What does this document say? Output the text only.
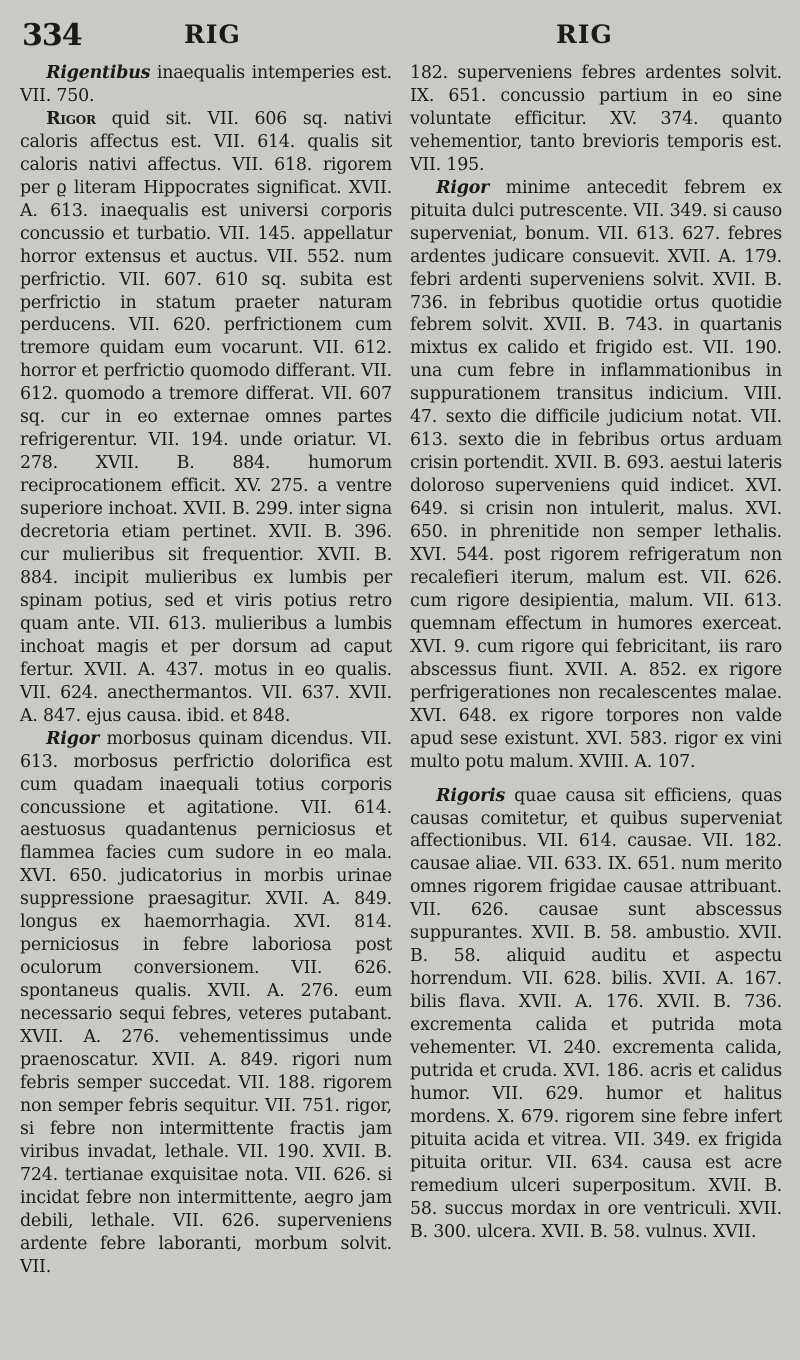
334	RIG	RIG

Rigentibus inaequalis intemperies est. VII. 750.

Rigor quid sit. VII. 606 sq. nativi caloris affectus est. VII. 614. qualis sit caloris nativi affectus. VII. 618. rigorem per ϱ literam Hippocrates significat. XVII. A. 613. inaequalis est universi corporis concussio et turbatio. VII. 145. appellatur horror extensus et auctus. VII. 552. num perfrictio. VII. 607. 610 sq. subita est perfrictio in statum praeter naturam perducens. VII. 620. perfrictionem cum tremore quidam eum vocarunt. VII. 612. horror et perfrictio quomodo differant. VII. 612. quomodo a tremore differat. VII. 607 sq. cur in eo externae omnes partes refrigerentur. VII. 194. unde oriatur. VI. 278. XVII. B. 884. humorum reciprocationem efficit. XV. 275. a ventre superiore inchoat. XVII. B. 299. inter signa decretoria etiam pertinet. XVII. B. 396. cur mulieribus sit frequentior. XVII. B. 884. incipit mulieribus ex lumbis per spinam potius, sed et viris potius retro quam ante. VII. 613. mulieribus a lumbis inchoat magis et per dorsum ad caput fertur. XVII. A. 437. motus in eo qualis. VII. 624. anecthermantos. VII. 637. XVII. A. 847. ejus causa. ibid. et 848.

Rigor morbosus quinam dicendus. VII. 613. morbosus perfrictio dolorifica est cum quadam inaequali totius corporis concussione et agitatione. VII. 614. aestuosus quadantenus perniciosus et flammea facies cum sudore in eo mala. XVI. 650. judicatorius in morbis urinae suppressione praesagitur. XVII. A. 849. longus ex haemorrhagia. XVI. 814. perniciosus in febre laboriosa post oculorum conversionem. VII. 626. spontaneus qualis. XVII. A. 276. eum necessario sequi febres, veteres putabant. XVII. A. 276. vehementissimus unde praenoscatur. XVII. A. 849. rigori num febris semper succedat. VII. 188. rigorem non semper febris sequitur. VII. 751. rigor, si febre non intermittente fractis jam viribus invadat, lethale. VII. 190. XVII. B. 724. tertianae exquisitae nota. VII. 626. si incidat febre non intermittente, aegro jam debili, lethale. VII. 626. superveniens ardente febre laboranti, morbum solvit. VII.

182. superveniens febres ardentes solvit. IX. 651. concussio partium in eo sine voluntate efficitur. XV. 374. quanto vehementior, tanto brevioris temporis est. VII. 195.

Rigor minime antecedit febrem ex pituita dulci putrescente. VII. 349. si causo superveniat, bonum. VII. 613. 627. febres ardentes judicare consuevit. XVII. A. 179. febri ardenti superveniens solvit. XVII. B. 736. in febribus quotidie ortus quotidie febrem solvit. XVII. B. 743. in quartanis mixtus ex calido et frigido est. VII. 190. una cum febre in inflammationibus in suppurationem transitus indicium. VIII. 47. sexto die difficile judicium notat. VII. 613. sexto die in febribus ortus arduam crisin portendit. XVII. B. 693. aestui lateris doloroso superveniens quid indicet. XVI. 649. si crisin non intulerit, malus. XVI. 650. in phrenitide non semper lethalis. XVI. 544. post rigorem refrigeratum non recalefieri iterum, malum est. VII. 626. cum rigore desipientia, malum. VII. 613. quemnam effectum in humores exerceat. XVI. 9. cum rigore qui febricitant, iis raro abscessus fiunt. XVII. A. 852. ex rigore perfrigerationes non recalescentes malae. XVI. 648. ex rigore torpores non valde apud sese existunt. XVI. 583. rigor ex vini multo potu malum. XVIII. A. 107.

Rigoris quae causa sit efficiens, quas causas comitetur, et quibus superveniat affectionibus. VII. 614. causae. VII. 182. causae aliae. VII. 633. IX. 651. num merito omnes rigorem frigidae causae attribuant. VII. 626. causae sunt abscessus suppurantes. XVII. B. 58. ambustio. XVII. B. 58. aliquid auditu et aspectu horrendum. VII. 628. bilis. XVII. A. 167. bilis flava. XVII. A. 176. XVII. B. 736. excrementa calida et putrida mota vehementer. VI. 240. excrementa calida, putrida et cruda. XVI. 186. acris et calidus humor. VII. 629. humor et halitus mordens. X. 679. rigorem sine febre infert pituita acida et vitrea. VII. 349. ex frigida pituita oritur. VII. 634. causa est acre remedium ulceri superpositum. XVII. B. 58. succus mordax in ore ventriculi. XVII. B. 300. ulcera. XVII. B. 58. vulnus. XVII.
